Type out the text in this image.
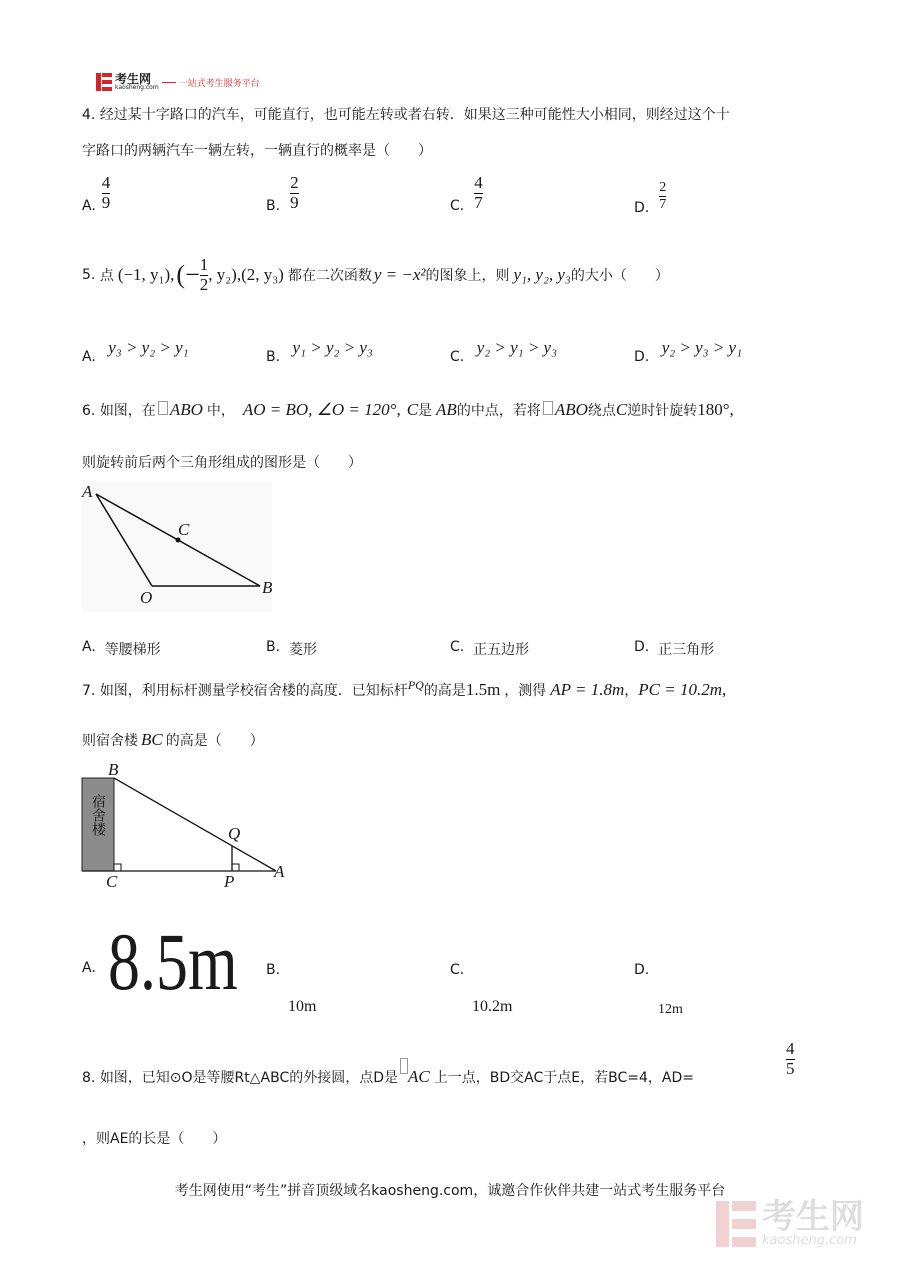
考生网
kaosheng.com 一站式考生服务平台
4. 经过某十字路口的汽车，可能直行，也可能左转或者右转．如果这三种可能性大小相同，则经过这个十
字路口的两辆汽车一辆左转，一辆直行的概率是（　　）
A. $\frac{4}{9}$	B. $\frac{2}{9}$	C. $\frac{4}{7}$	D. $\frac{2}{7}$
5.
点 (−1, y₁) , (− $\frac{1}{2}$ , y₂) , (2, y₃) 都在二次函数 y = −x² 的图象上，则 y₁, y₂, y₃ 的大小（　　）
A. y₃ > y₂ > y₁	B. y₁ > y₂ > y₃	C. y₂ > y₁ > y₃	D. y₂ > y₃ > y₁
6.
如图，在 ABO 中， AO = BO, ∠O = 120°, C 是 AB 的中点，若将 ABO 绕点 C 逆时针旋转 180° ,
则旋转前后两个三角形组成的图形是（　　）
A
C
O
B
A. 等腰梯形	B. 菱形	C. 正五边形	D. 正三角形
7.
如图，利用标杆测量学校宿舍楼的高度．已知标杆 PQ 的高是 1.5m ，测得 AP = 1.8m ， PC = 10.2m ,
则宿舍楼 BC 的高是（　　）
宿舍楼
B
Q
C	P
A
A. 8.5m B.
10m
C.
10.2m
D.
12m
8.
如图，已知⊙O是等腰Rt△ABC的外接圆，点D是 AC 上一点，BD交AC于点E，若BC=4，AD=	$\frac{4}{5}$
，则AE的长是（　　）
考生网使用“考生”拼音顶级域名kaosheng.com，诚邀合作伙伴共建一站式考生服务平台
考生网
kaosheng.com
